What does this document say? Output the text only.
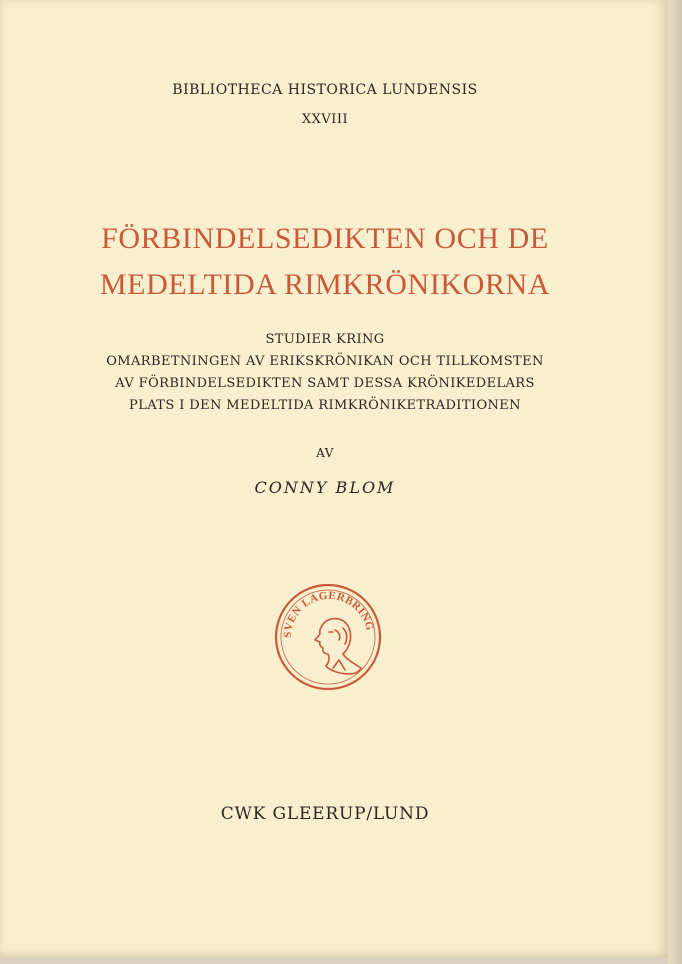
BIBLIOTHECA HISTORICA LUNDENSIS
XXVIII
FÖRBINDELSEDIKTEN OCH DE
MEDELTIDA RIMKRÖNIKORNA
STUDIER KRING
OMARBETNINGEN AV ERIKSKRÖNIKAN OCH TILLKOMSTEN
AV FÖRBINDELSEDIKTEN SAMT DESSA KRÖNIKEDELARS
PLATS I DEN MEDELTIDA RIMKRÖNIKETRADITIONEN
AV
CONNY BLOM
SVEN LAGERBRING
CWK GLEERUP/LUND
